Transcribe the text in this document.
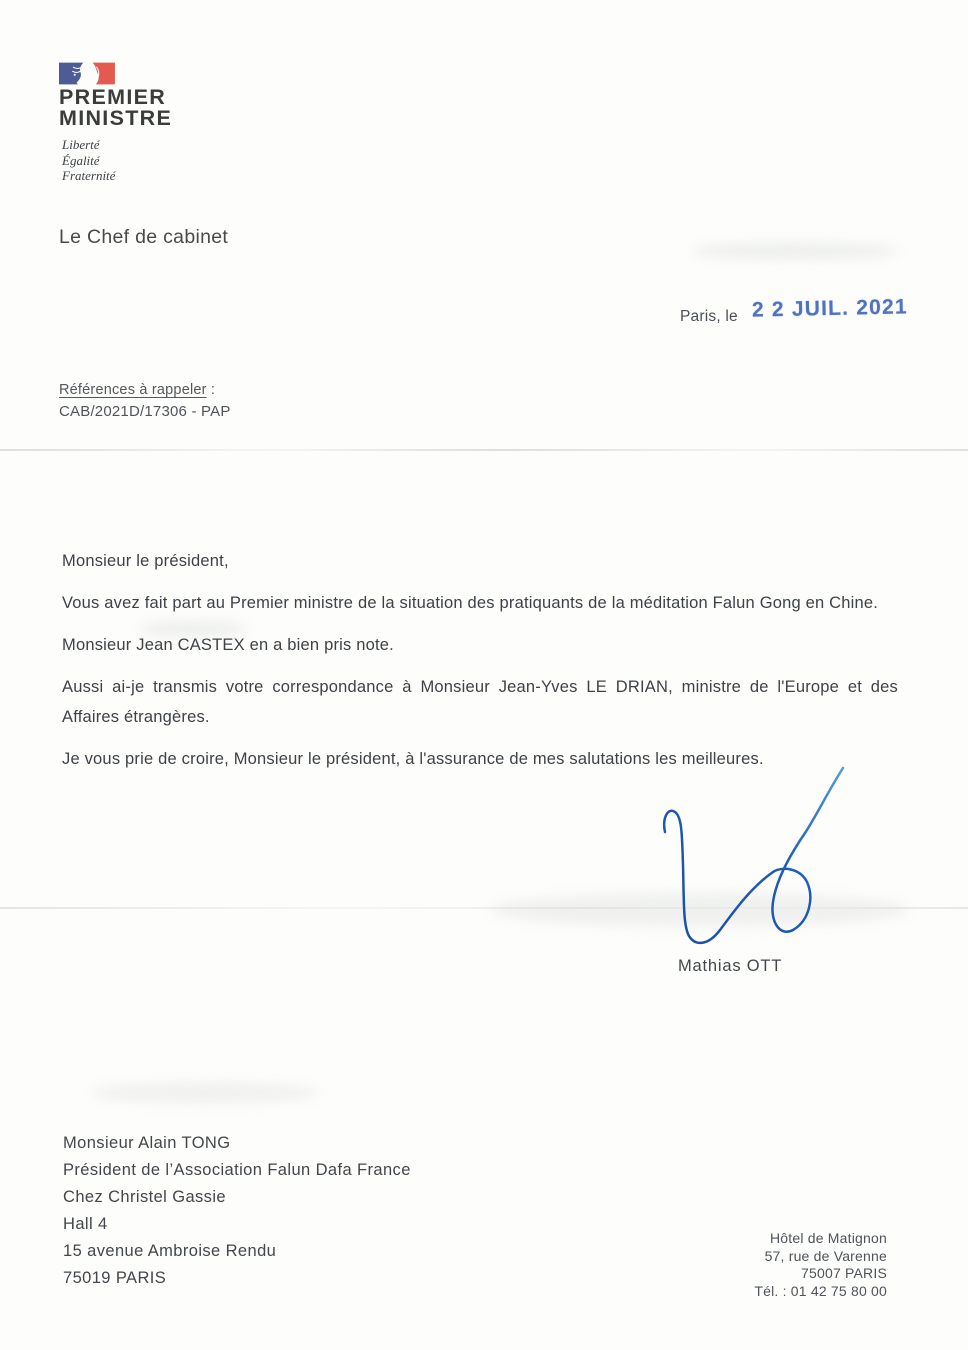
PREMIER
MINISTRE
Liberté
Égalité
Fraternité
Le Chef de cabinet
Paris, le 2 2 JUIL. 2021
Références à rappeler :
CAB/2021D/17306 - PAP

Monsieur le président,

Vous avez fait part au Premier ministre de la situation des pratiquants de la méditation Falun Gong en Chine.

Monsieur Jean CASTEX en a bien pris note.

Aussi ai-je transmis votre correspondance à Monsieur Jean-Yves LE DRIAN, ministre de l'Europe et des Affaires étrangères.

Je vous prie de croire, Monsieur le président, à l'assurance de mes salutations les meilleures.

Mathias OTT
Monsieur Alain TONG
Président de l’Association Falun Dafa France
Chez Christel Gassie
Hall 4
15 avenue Ambroise Rendu
75019 PARIS
Hôtel de Matignon
57, rue de Varenne
75007 PARIS
Tél. : 01 42 75 80 00
